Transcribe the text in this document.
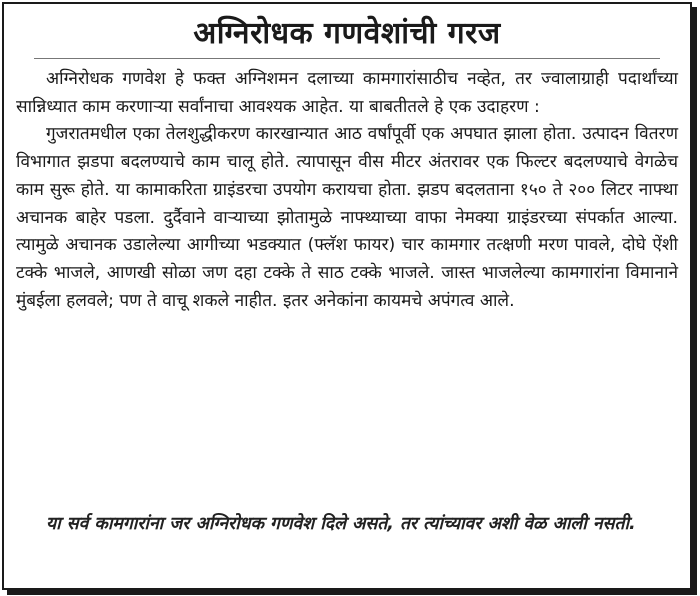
अग्निरोधक गणवेशांची गरज

अग्निरोधक गणवेश हे फक्त अग्निशमन दलाच्या कामगारांसाठीच नव्हेत, तर ज्वालाग्राही पदार्थांच्या सान्निध्यात काम करणाऱ्या सर्वांनाचा आवश्यक आहेत. या बाबतीतले हे एक उदाहरण :

गुजरातमधील एका तेलशुद्धीकरण कारखान्यात आठ वर्षांपूर्वी एक अपघात झाला होता. उत्पादन वितरण विभागात झडपा बदलण्याचे काम चालू होते. त्यापासून वीस मीटर अंतरावर एक फिल्टर बदलण्याचे वेगळेच काम सुरू होते. या कामाकरिता ग्राइंडरचा उपयोग करायचा होता. झडप बदलताना १५० ते २०० लिटर नाफ्था अचानक बाहेर पडला. दुर्दैवाने वाऱ्याच्या झोतामुळे नाफ्थ्याच्या वाफा नेमक्या ग्राइंडरच्या संपर्कात आल्या. त्यामुळे अचानक उडालेल्या आगीच्या भडक्यात (फ्लॅश फायर) चार कामगार तत्क्षणी मरण पावले, दोघे ऐंशी टक्के भाजले, आणखी सोळा जण दहा टक्के ते साठ टक्के भाजले. जास्त भाजलेल्या कामगारांना विमानाने मुंबईला हलवले; पण ते वाचू शकले नाहीत. इतर अनेकांना कायमचे अपंगत्व आले.

या सर्व कामगारांना जर अग्निरोधक गणवेश दिले असते, तर त्यांच्यावर अशी वेळ आली नसती.
